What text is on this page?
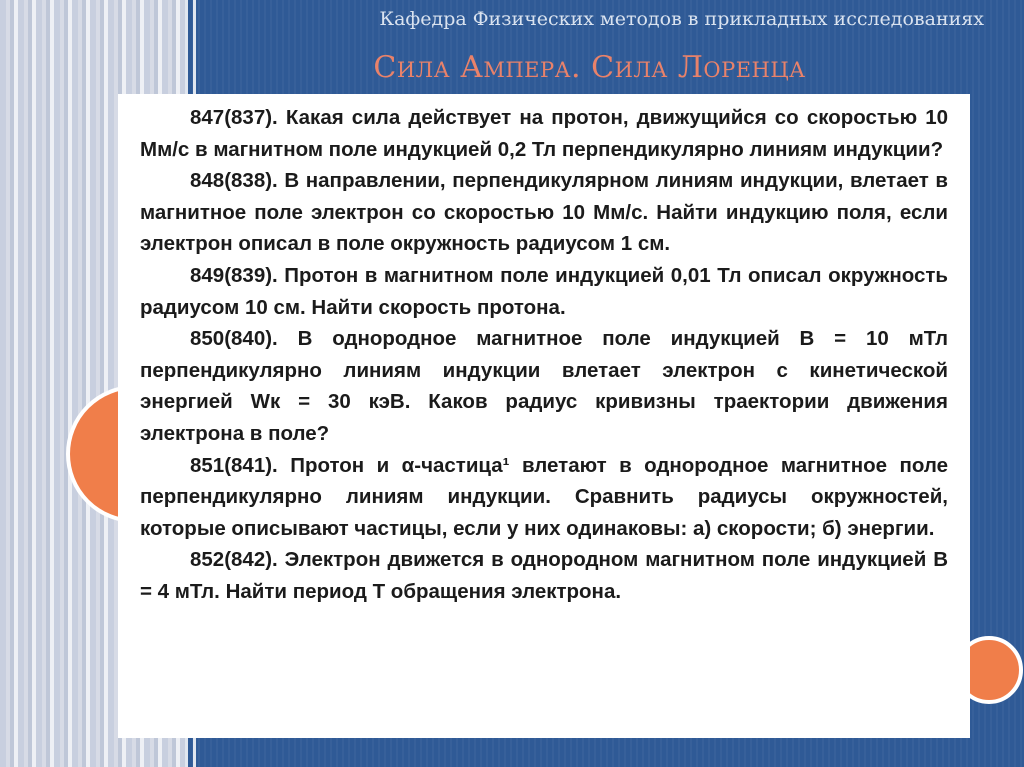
Кафедра Физических методов в прикладных исследованиях
Сила Ампера. Сила Лоренца

847(837). Какая сила действует на протон, движущийся со скоростью 10 Мм/с в магнитном поле индукцией 0,2 Тл перпендикулярно линиям индукции?

848(838). В направлении, перпендикулярном линиям индукции, влетает в магнитное поле электрон со скоростью 10 Мм/с. Найти индукцию поля, если электрон описал в поле окружность радиусом 1 см.

849(839). Протон в магнитном поле индукцией 0,01 Тл описал окружность радиусом 10 см. Найти скорость протона.

850(840). В однородное магнитное поле индукцией B = 10 мТл перпендикулярно линиям индукции влетает электрон с кинетической энергией Wк = 30 кэВ. Каков радиус кривизны траектории движения электрона в поле?

851(841). Протон и α-частица¹ влетают в однородное магнитное поле перпендикулярно линиям индукции. Сравнить радиусы окружностей, которые описывают частицы, если у них одинаковы: а) скорости; б) энергии.

852(842). Электрон движется в однородном магнитном поле индукцией B = 4 мТл. Найти период T обращения электрона.
